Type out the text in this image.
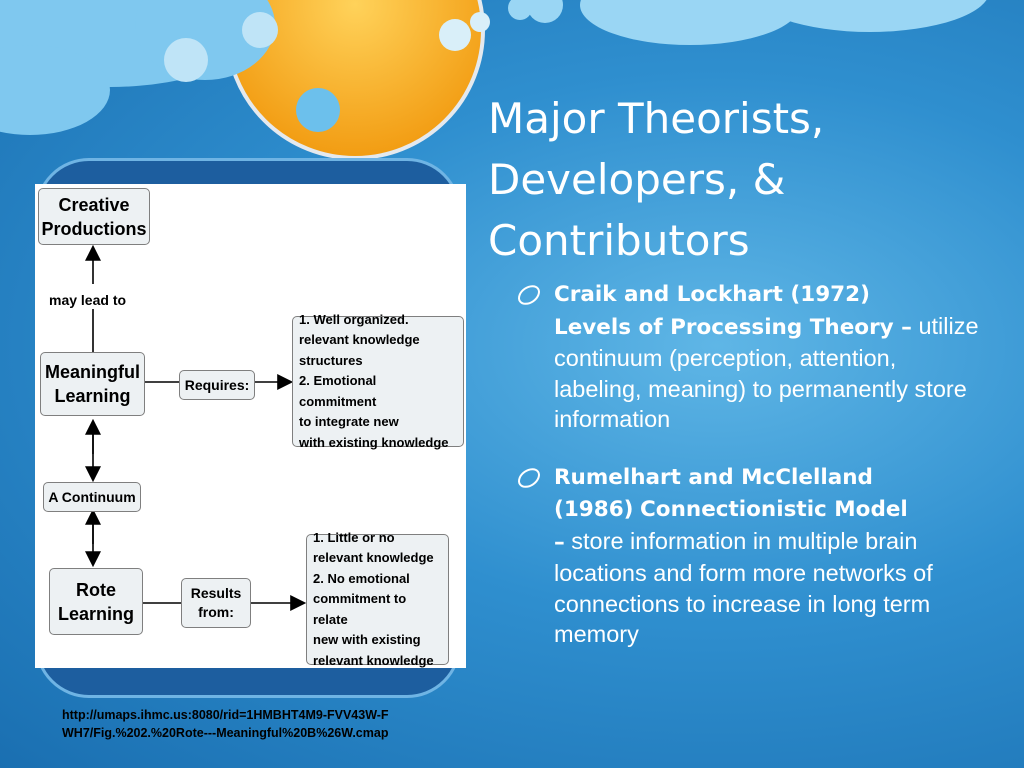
Major Theorists,
Developers, &
Contributors
Craik and Lockhart (1972)
Levels of Processing Theory – utilize continuum (perception, attention, labeling, meaning) to permanently store information
Rumelhart and McClelland
(1986) Connectionistic Model
– store information in multiple brain locations and form more networks of connections to increase in long term memory
Creative
Productions
may lead to
Meaningful
Learning
Requires:
1. Well organized.
relevant knowledge
structures
2. Emotional commitment
to integrate new
with existing knowledge
A Continuum
Rote
Learning
Results
from:
1. Little or no
relevant knowledge
2. No emotional
commitment to relate
new with existing
relevant knowledge

http://umaps.ihmc.us:8080/rid=1HMBHT4M9-FVV43W-FWH7/Fig.%202.%20Rote---Meaningful%20B%26W.cmap
